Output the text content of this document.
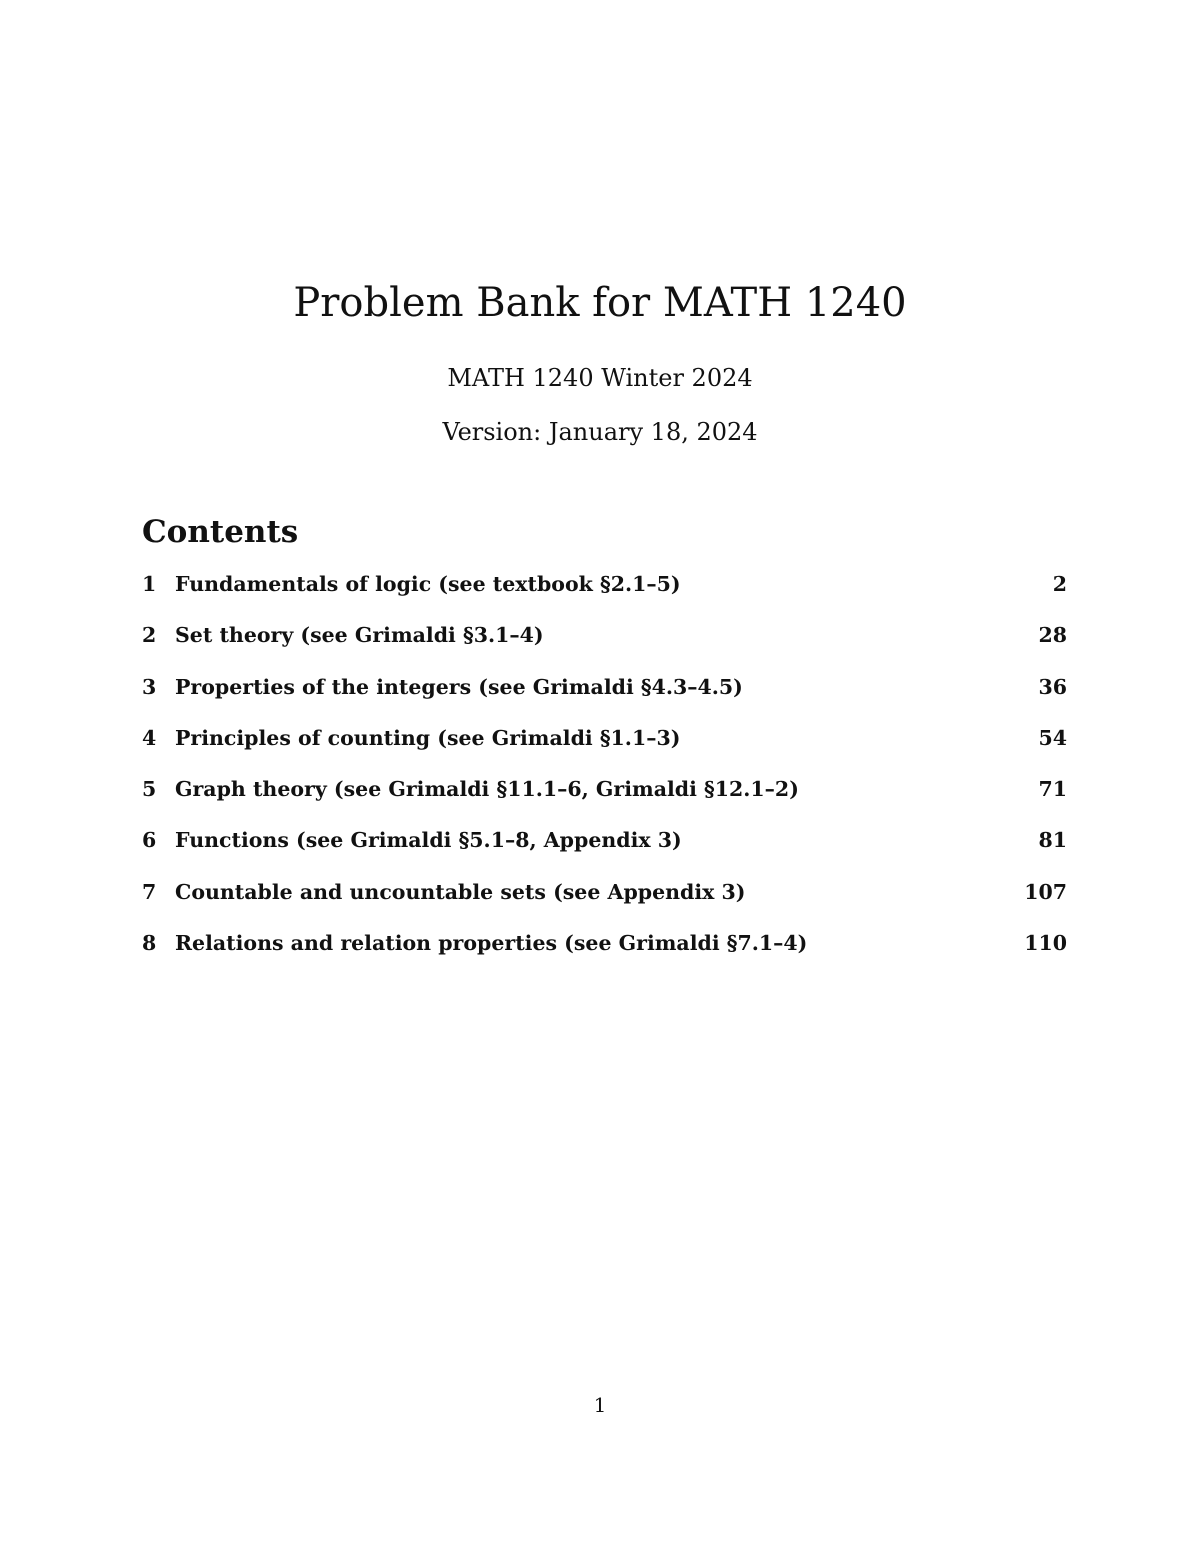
Problem Bank for MATH 1240

MATH 1240 Winter 2024

Version: January 18, 2024

Contents
1 Fundamentals of logic (see textbook §2.1–5)	2
2 Set theory (see Grimaldi §3.1–4)	28
3 Properties of the integers (see Grimaldi §4.3–4.5)	36
4 Principles of counting (see Grimaldi §1.1–3)	54
5 Graph theory (see Grimaldi §11.1–6, Grimaldi §12.1–2)	71
6 Functions (see Grimaldi §5.1–8, Appendix 3)	81
7 Countable and uncountable sets (see Appendix 3)	107
8 Relations and relation properties (see Grimaldi §7.1–4)	110

1
